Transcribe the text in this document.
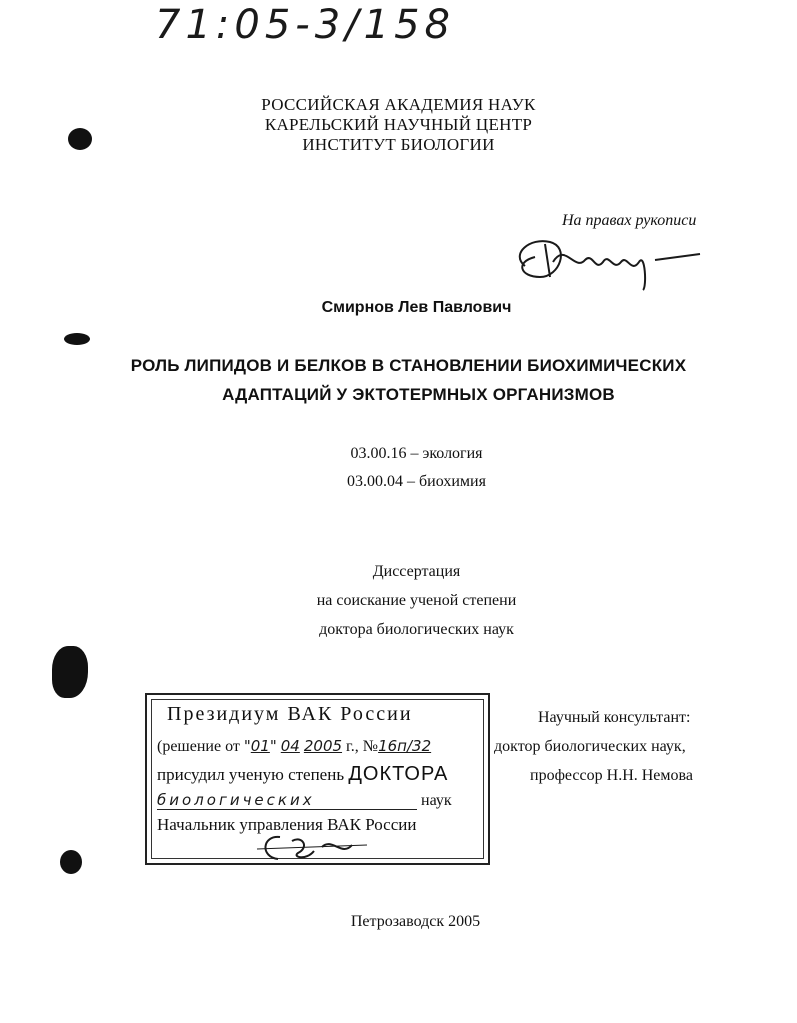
71:05-3/158
РОССИЙСКАЯ АКАДЕМИЯ НАУК
КАРЕЛЬСКИЙ НАУЧНЫЙ ЦЕНТР
ИНСТИТУТ БИОЛОГИИ
На правах рукописи
Смирнов Лев Павлович
РОЛЬ ЛИПИДОВ И БЕЛКОВ В СТАНОВЛЕНИИ БИОХИМИЧЕСКИХ
АДАПТАЦИЙ У ЭКТОТЕРМНЫХ ОРГАНИЗМОВ
03.00.16 – экология
03.00.04 – биохимия
Диссертация
на соискание ученой степени
доктора биологических наук
Президиум ВАК России
(решение от "01" 04 2005 г., №16п/32
присудил ученую степень ДОКТОРА
биологических	наук
Начальник управления ВАК России
Научный консультант:
доктор биологических наук,
профессор Н.Н. Немова
Петрозаводск 2005
